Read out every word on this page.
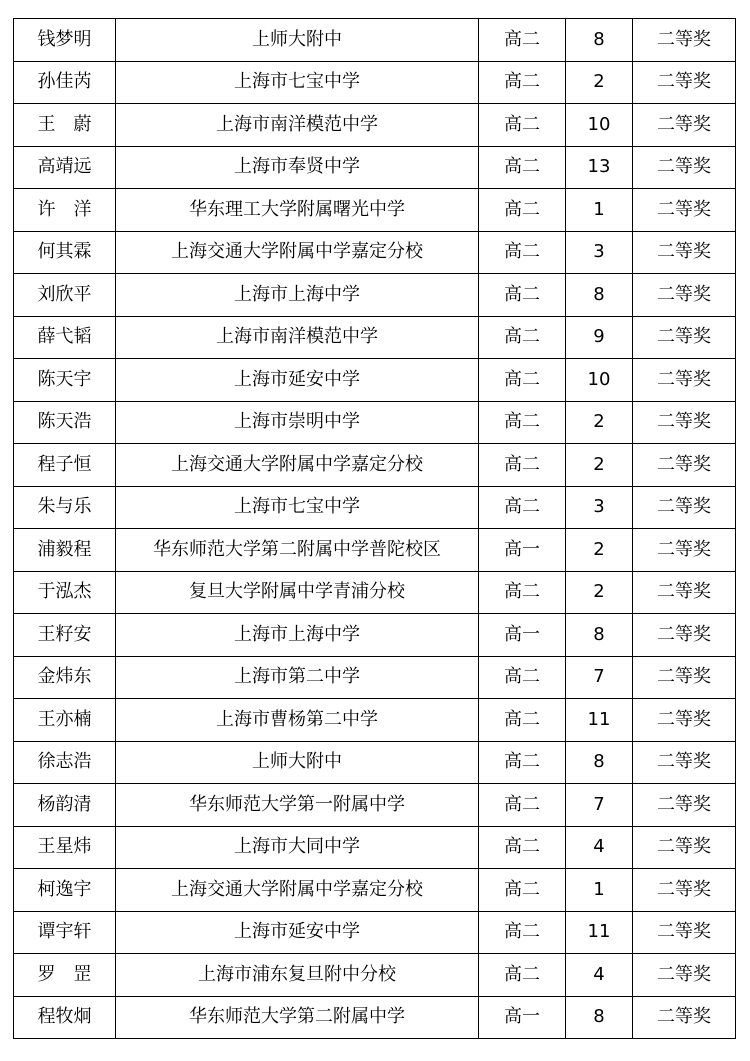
钱梦明	上师大附中	高二	8	二等奖
孙佳芮	上海市七宝中学	高二	2	二等奖
王　蔚	上海市南洋模范中学	高二	10	二等奖
高靖远	上海市奉贤中学	高二	13	二等奖
许　洋	华东理工大学附属曙光中学	高二	1	二等奖
何其霖	上海交通大学附属中学嘉定分校	高二	3	二等奖
刘欣平	上海市上海中学	高二	8	二等奖
薛弋韬	上海市南洋模范中学	高二	9	二等奖
陈天宇	上海市延安中学	高二	10	二等奖
陈天浩	上海市崇明中学	高二	2	二等奖
程子恒	上海交通大学附属中学嘉定分校	高二	2	二等奖
朱与乐	上海市七宝中学	高二	3	二等奖
浦毅程	华东师范大学第二附属中学普陀校区	高一	2	二等奖
于泓杰	复旦大学附属中学青浦分校	高二	2	二等奖
王籽安	上海市上海中学	高一	8	二等奖
金炜东	上海市第二中学	高二	7	二等奖
王亦楠	上海市曹杨第二中学	高二	11	二等奖
徐志浩	上师大附中	高二	8	二等奖
杨韵清	华东师范大学第一附属中学	高二	7	二等奖
王星炜	上海市大同中学	高二	4	二等奖
柯逸宇	上海交通大学附属中学嘉定分校	高二	1	二等奖
谭宇轩	上海市延安中学	高二	11	二等奖
罗　罡	上海市浦东复旦附中分校	高二	4	二等奖
程牧炯	华东师范大学第二附属中学	高一	8	二等奖
